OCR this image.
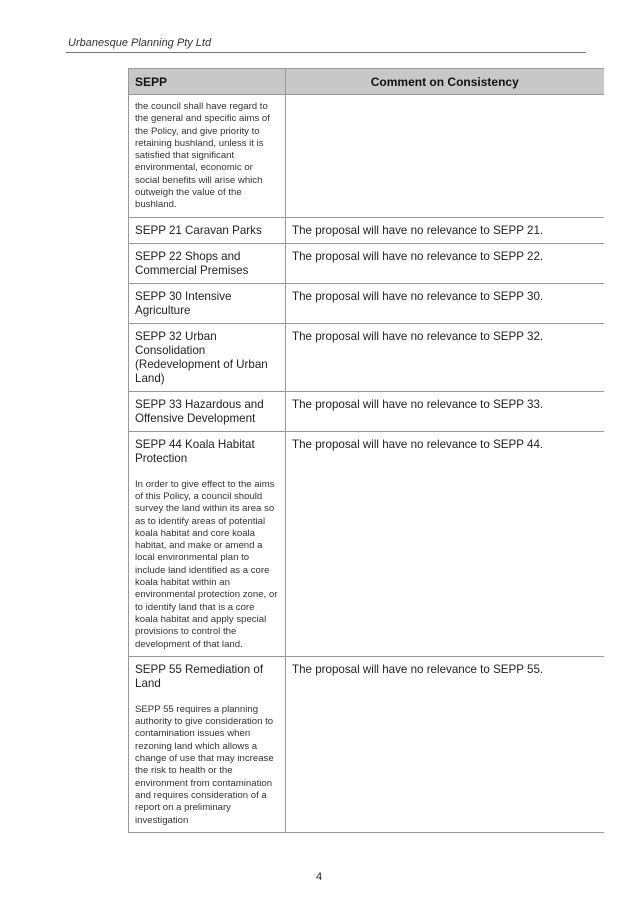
Urbanesque Planning Pty Ltd
SEPP	Comment on Consistency

the council shall have regard to the general and specific aims of the Policy, and give priority to retaining bushland, unless it is satisfied that significant environmental, economic or social benefits will arise which outweigh the value of the bushland.	

SEPP 21 Caravan Parks	The proposal will have no relevance to SEPP 21.

SEPP 22 Shops and Commercial Premises	The proposal will have no relevance to SEPP 22.

SEPP 30 Intensive Agriculture	The proposal will have no relevance to SEPP 30.

SEPP 32 Urban Consolidation (Redevelopment of Urban Land)	The proposal will have no relevance to SEPP 32.

SEPP 33 Hazardous and Offensive Development	The proposal will have no relevance to SEPP 33.

SEPP 44 Koala Habitat Protection
In order to give effect to the aims of this Policy, a council should survey the land within its area so as to identify areas of potential koala habitat and core koala habitat, and make or amend a local environmental plan to include land identified as a core koala habitat within an environmental protection zone, or to identify land that is a core koala habitat and apply special provisions to control the development of that land.	The proposal will have no relevance to SEPP 44.

SEPP 55 Remediation of Land
SEPP 55 requires a planning authority to give consideration to contamination issues when rezoning land which allows a change of use that may increase the risk to health or the environment from contamination and requires consideration of a report on a preliminary investigation	The proposal will have no relevance to SEPP 55.
4
